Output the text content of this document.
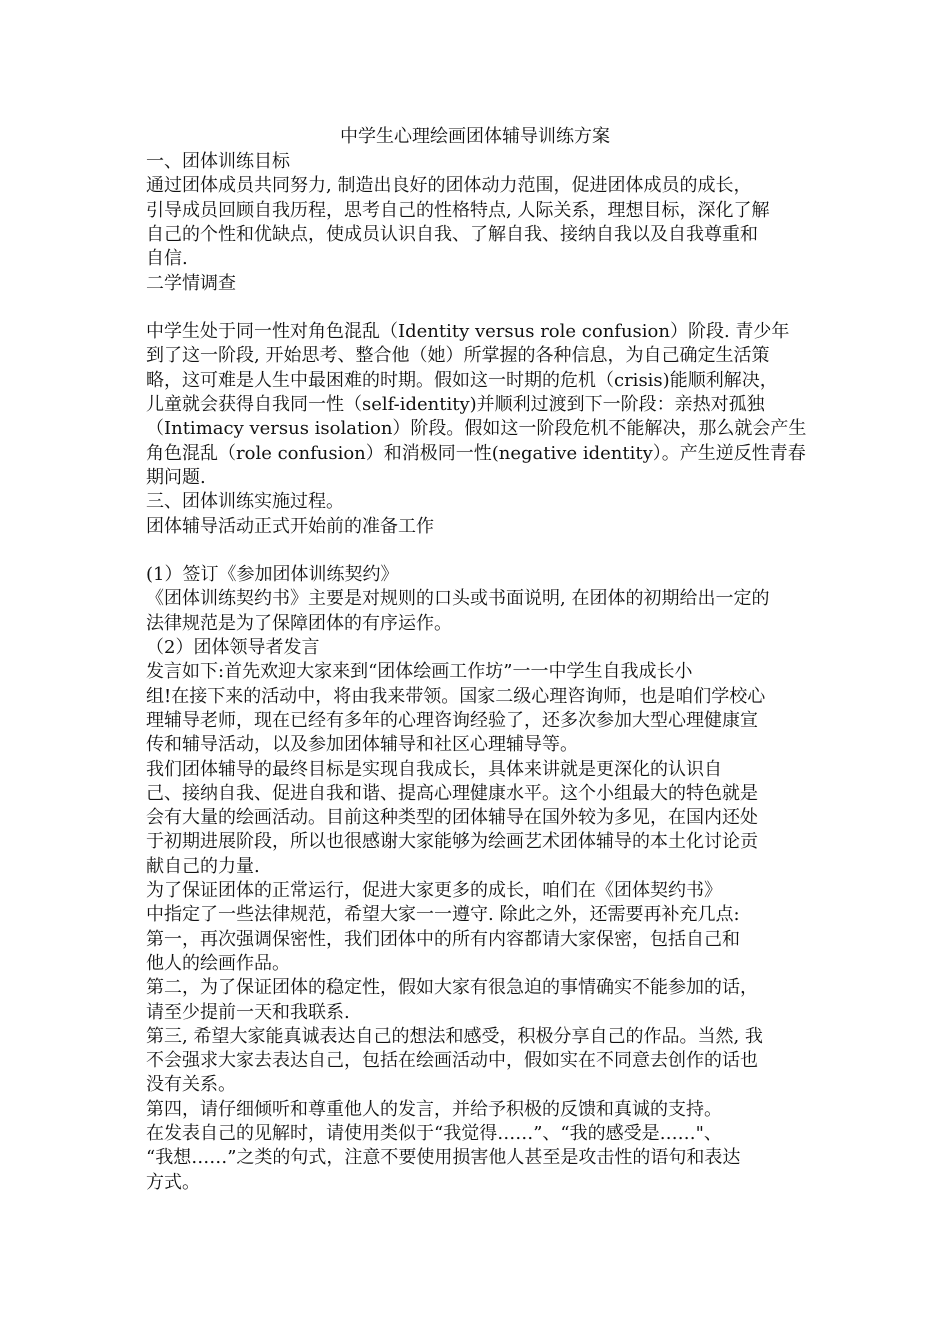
中学生心理绘画团体辅导训练方案
一、团体训练目标
通过团体成员共同努力, 制造出良好的团体动力范围，促进团体成员的成长，
引导成员回顾自我历程，思考自己的性格特点, 人际关系，理想目标，深化了解
自己的个性和优缺点，使成员认识自我、了解自我、接纳自我以及自我尊重和
自信.
二学情调查
中学生处于同一性对角色混乱（Identity versus role confusion）阶段. 青少年
到了这一阶段, 开始思考、整合他（她）所掌握的各种信息，为自己确定生活策
略，这可难是人生中最困难的时期。假如这一时期的危机（crisis)能顺利解决，
儿童就会获得自我同一性（self-identity)并顺利过渡到下一阶段：亲热对孤独
（Intimacy versus isolation）阶段。假如这一阶段危机不能解决，那么就会产生
角色混乱（role confusion）和消极同一性(negative identity）。产生逆反性青春
期问题.
三、团体训练实施过程。
团体辅导活动正式开始前的准备工作
(1）签订《参加团体训练契约》
《团体训练契约书》主要是对规则的口头或书面说明, 在团体的初期给出一定的
法律规范是为了保障团体的有序运作。
（2）团体领导者发言
发言如下:首先欢迎大家来到“团体绘画工作坊”一一中学生自我成长小
组!在接下来的活动中，将由我来带领。国家二级心理咨询师，也是咱们学校心
理辅导老师，现在已经有多年的心理咨询经验了，还多次参加大型心理健康宣
传和辅导活动，以及参加团体辅导和社区心理辅导等。
我们团体辅导的最终目标是实现自我成长，具体来讲就是更深化的认识自
己、接纳自我、促进自我和谐、提高心理健康水平。这个小组最大的特色就是
会有大量的绘画活动。目前这种类型的团体辅导在国外较为多见，在国内还处
于初期进展阶段，所以也很感谢大家能够为绘画艺术团体辅导的本土化讨论贡
献自己的力量.
为了保证团体的正常运行，促进大家更多的成长，咱们在《团体契约书》
中指定了一些法律规范，希望大家一一遵守. 除此之外，还需要再补充几点:
第一，再次强调保密性，我们团体中的所有内容都请大家保密，包括自己和
他人的绘画作品。
第二，为了保证团体的稳定性，假如大家有很急迫的事情确实不能参加的话，
请至少提前一天和我联系.
第三, 希望大家能真诚表达自己的想法和感受，积极分享自己的作品。当然, 我
不会强求大家去表达自己，包括在绘画活动中，假如实在不同意去创作的话也
没有关系。
第四，请仔细倾听和尊重他人的发言，并给予积极的反馈和真诚的支持。
在发表自己的见解时，请使用类似于“我觉得……”、“我的感受是……"、
“我想……”之类的句式，注意不要使用损害他人甚至是攻击性的语句和表达
方式。
